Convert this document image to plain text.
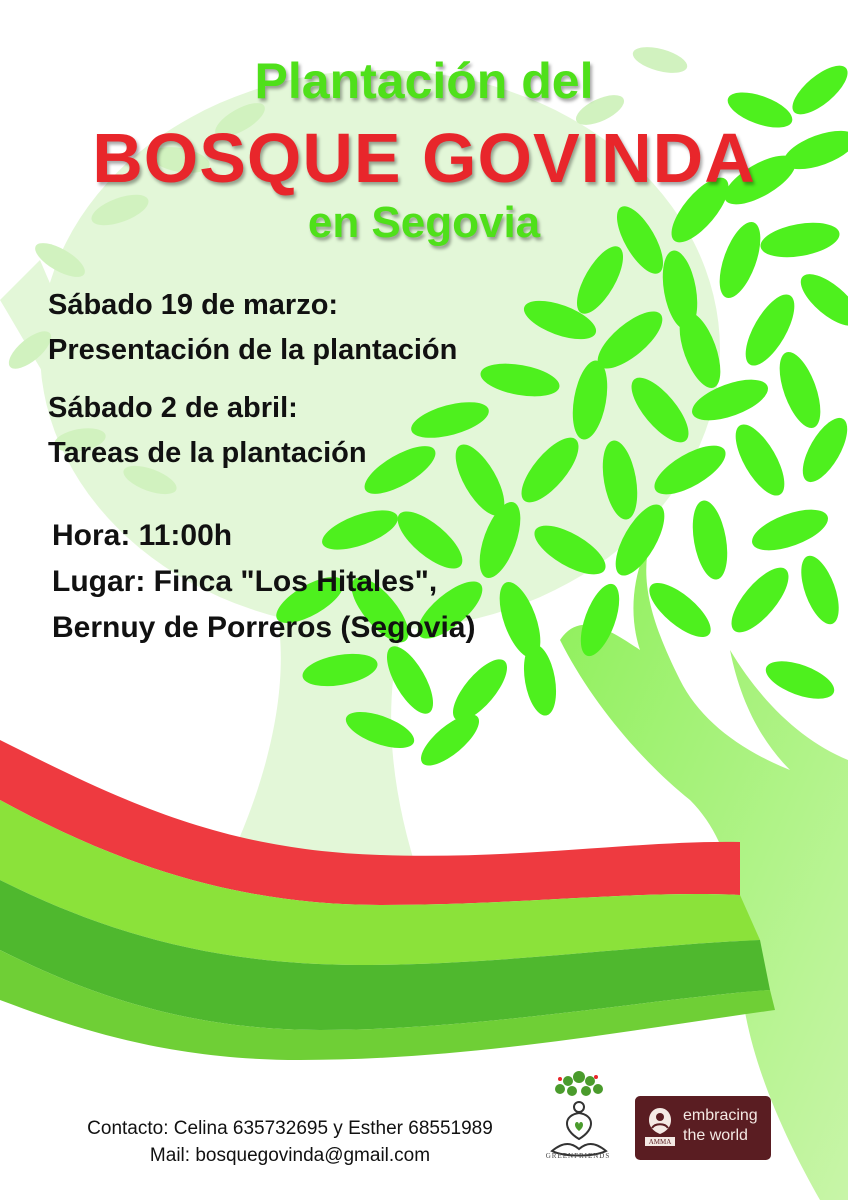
Plantación del
BOSQUE GOVINDA
en Segovia
Sábado 19 de marzo:
Presentación de la plantación
Sábado 2 de abril:
Tareas de la plantación
Hora: 11:00h
Lugar: Finca "Los Hitales",
Bernuy de Porreros (Segovia)
Contacto: Celina 635732695 y Esther 68551989
Mail: bosquegovinda@gmail.com	GREENFRIENDS
AMMA
embracing
the world
